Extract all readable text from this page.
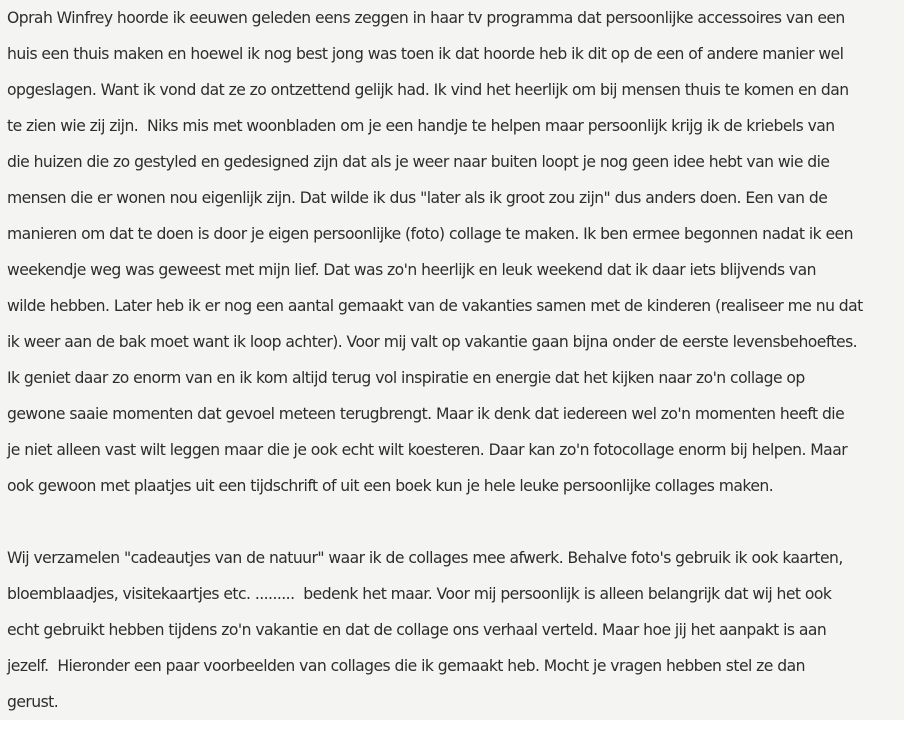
Oprah Winfrey hoorde ik eeuwen geleden eens zeggen in haar tv programma dat persoonlijke accessoires van een
huis een thuis maken en hoewel ik nog best jong was toen ik dat hoorde heb ik dit op de een of andere manier wel
opgeslagen. Want ik vond dat ze zo ontzettend gelijk had. Ik vind het heerlijk om bij mensen thuis te komen en dan
te zien wie zij zijn.  Niks mis met woonbladen om je een handje te helpen maar persoonlijk krijg ik de kriebels van
die huizen die zo gestyled en gedesigned zijn dat als je weer naar buiten loopt je nog geen idee hebt van wie die
mensen die er wonen nou eigenlijk zijn. Dat wilde ik dus "later als ik groot zou zijn" dus anders doen. Een van de
manieren om dat te doen is door je eigen persoonlijke (foto) collage te maken. Ik ben ermee begonnen nadat ik een
weekendje weg was geweest met mijn lief. Dat was zo'n heerlijk en leuk weekend dat ik daar iets blijvends van
wilde hebben. Later heb ik er nog een aantal gemaakt van de vakanties samen met de kinderen (realiseer me nu dat
ik weer aan de bak moet want ik loop achter). Voor mij valt op vakantie gaan bijna onder de eerste levensbehoeftes.
Ik geniet daar zo enorm van en ik kom altijd terug vol inspiratie en energie dat het kijken naar zo'n collage op
gewone saaie momenten dat gevoel meteen terugbrengt. Maar ik denk dat iedereen wel zo'n momenten heeft die
je niet alleen vast wilt leggen maar die je ook echt wilt koesteren. Daar kan zo'n fotocollage enorm bij helpen. Maar
ook gewoon met plaatjes uit een tijdschrift of uit een boek kun je hele leuke persoonlijke collages maken.

Wij verzamelen "cadeautjes van de natuur" waar ik de collages mee afwerk. Behalve foto's gebruik ik ook kaarten,
bloemblaadjes, visitekaartjes etc. .........  bedenk het maar. Voor mij persoonlijk is alleen belangrijk dat wij het ook
echt gebruikt hebben tijdens zo'n vakantie en dat de collage ons verhaal verteld. Maar hoe jij het aanpakt is aan
jezelf.  Hieronder een paar voorbeelden van collages die ik gemaakt heb. Mocht je vragen hebben stel ze dan
gerust.
